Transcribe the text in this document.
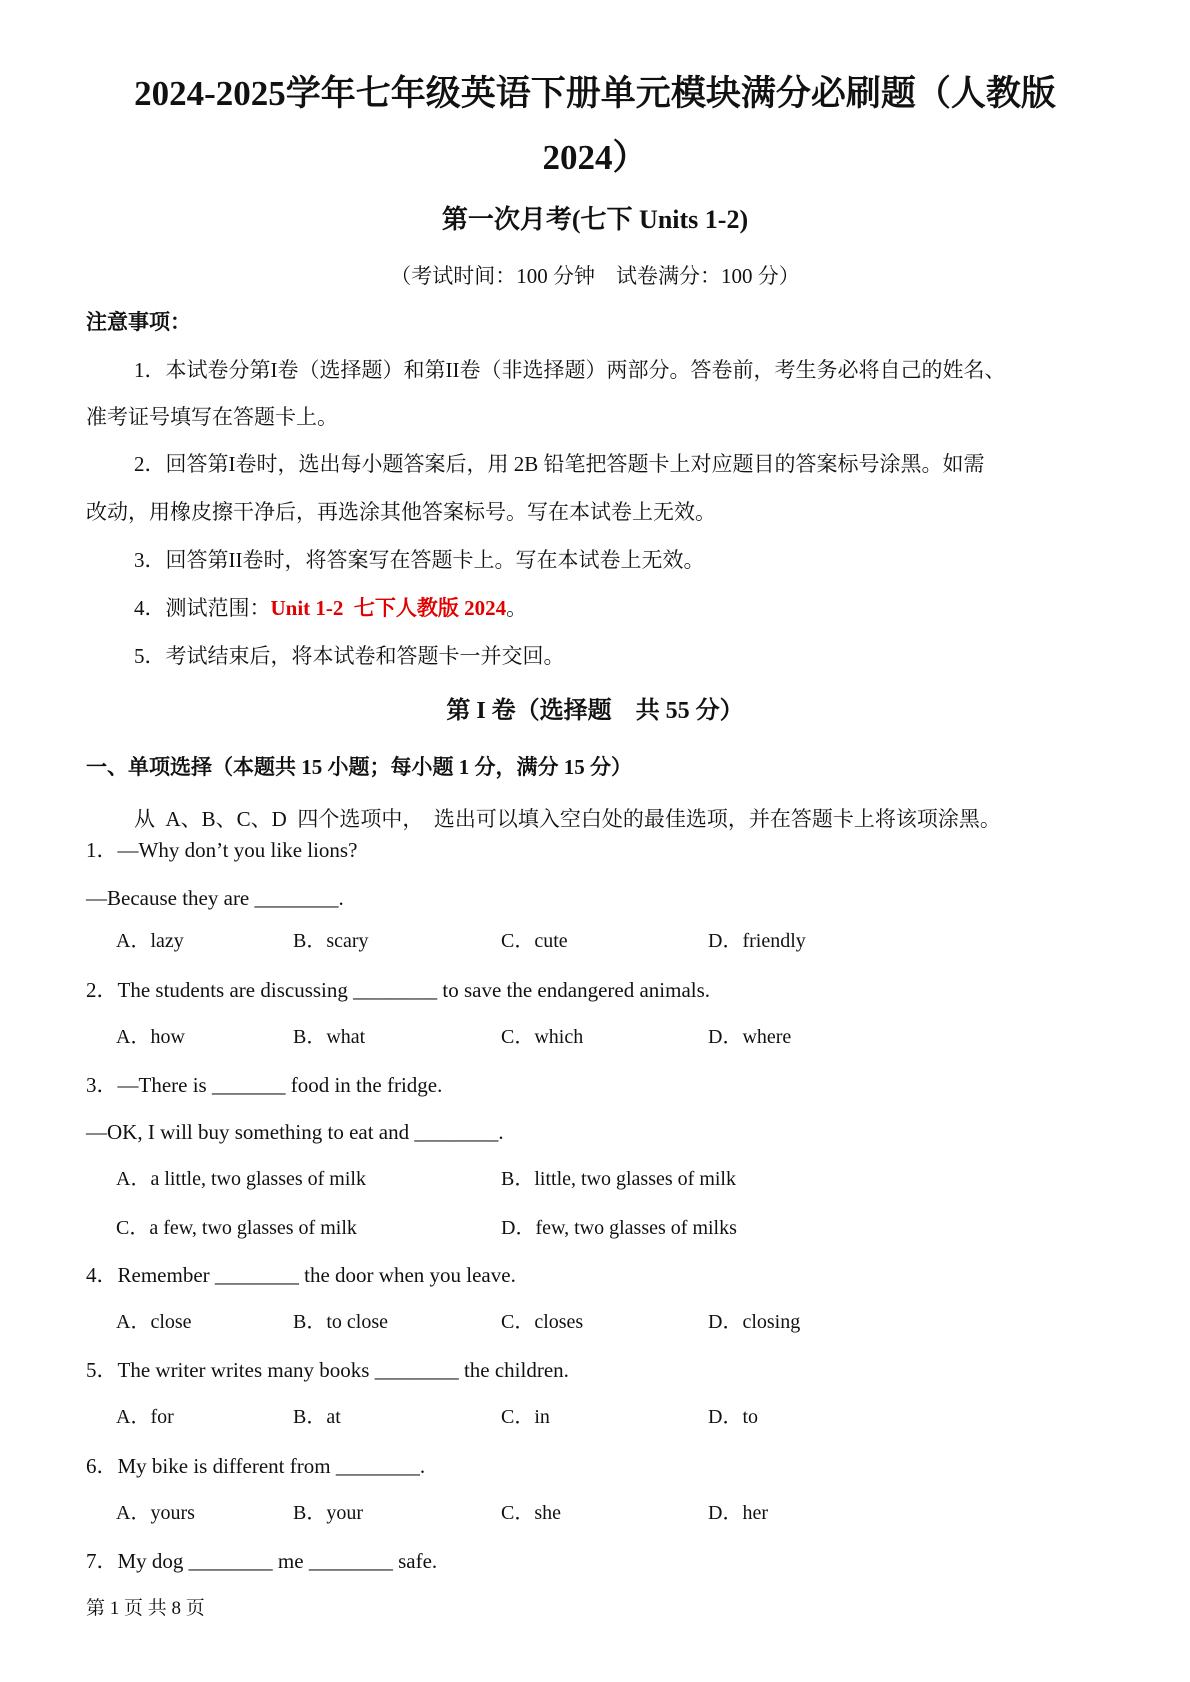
2024-2025学年七年级英语下册单元模块满分必刷题（人教版
2024）
第一次月考(七下 Units 1-2)
（考试时间：100 分钟    试卷满分：100 分）
注意事项：
1．本试卷分第I卷（选择题）和第II卷（非选择题）两部分。答卷前，考生务必将自己的姓名、
准考证号填写在答题卡上。
2．回答第I卷时，选出每小题答案后，用 2B 铅笔把答题卡上对应题目的答案标号涂黑。如需
改动，用橡皮擦干净后，再选涂其他答案标号。写在本试卷上无效。
3．回答第II卷时，将答案写在答题卡上。写在本试卷上无效。
4．测试范围：Unit 1-2  七下人教版 2024。
5．考试结束后，将本试卷和答题卡一并交回。
第 I 卷（选择题    共 55 分）
一、单项选择（本题共 15 小题；每小题 1 分，满分 15 分）
从  A、B、C、D  四个选项中，  选出可以填入空白处的最佳选项，并在答题卡上将该项涂黑。
第 1 页 共 8 页
1．—Why don’t you like lions?
—Because they are ________.
A．lazy	B．scary	C．cute	D．friendly
2．The students are discussing ________ to save the endangered animals.
A．how	B．what	C．which	D．where
3．—There is _______ food in the fridge.
—OK, I will buy something to eat and ________.
A．a little, two glasses of milk	B．little, two glasses of milk
C．a few, two glasses of milk	D．few, two glasses of milks
4．Remember ________ the door when you leave.
A．close	B．to close	C．closes	D．closing
5．The writer writes many books ________ the children.
A．for	B．at	C．in	D．to
6．My bike is different from ________.
A．yours	B．your	C．she	D．her
7．My dog ________ me ________ safe.
